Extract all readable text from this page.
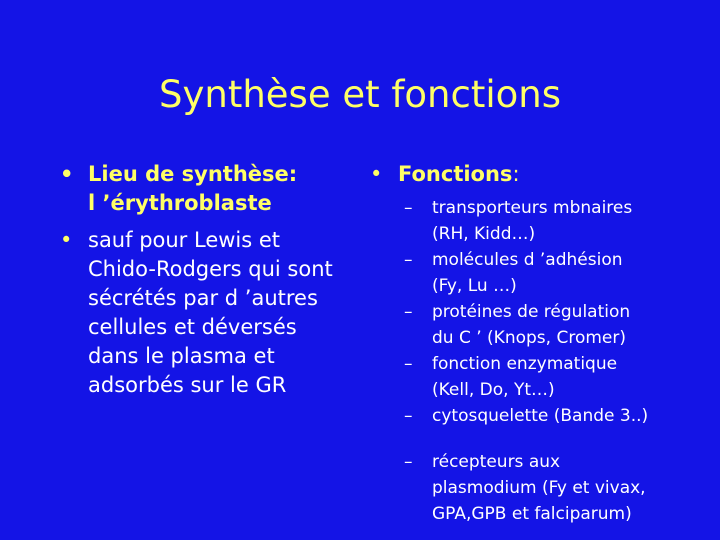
Synthèse et fonctions
• Lieu de synthèse:
l ’érythroblaste
• sauf pour Lewis et
Chido-Rodgers qui sont
sécrétés par d ’autres
cellules et déversés
dans le plasma et
adsorbés sur le GR
• Fonctions:
– transporteurs mbnaires
(RH, Kidd…)
– molécules d ’adhésion
(Fy, Lu …)
– protéines de régulation
du C ’ (Knops, Cromer)
– fonction enzymatique
(Kell, Do, Yt…)
– cytosquelette (Bande 3..)
– récepteurs aux
plasmodium (Fy et vivax,
GPA,GPB et falciparum)
